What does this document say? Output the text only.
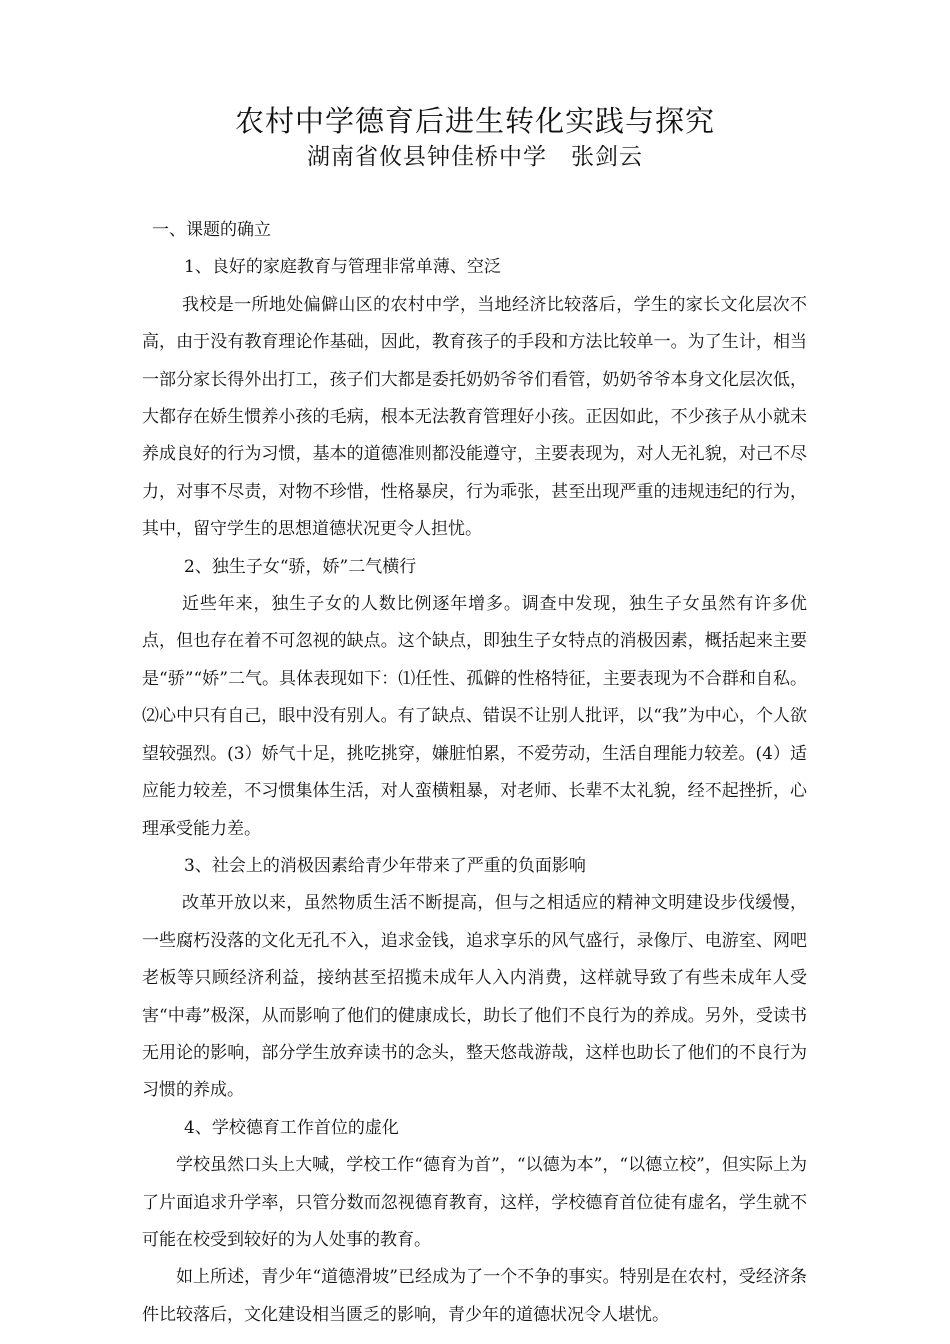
农村中学德育后进生转化实践与探究
湖南省攸县钟佳桥中学　张剑云

一、课题的确立

1、良好的家庭教育与管理非常单薄、空泛

我校是一所地处偏僻山区的农村中学，当地经济比较落后，学生的家长文化层次不高，由于没有教育理论作基础，因此，教育孩子的手段和方法比较单一。为了生计，相当一部分家长得外出打工，孩子们大都是委托奶奶爷爷们看管，奶奶爷爷本身文化层次低，大都存在娇生惯养小孩的毛病，根本无法教育管理好小孩。正因如此，不少孩子从小就未养成良好的行为习惯，基本的道德准则都没能遵守，主要表现为，对人无礼貌，对己不尽力，对事不尽责，对物不珍惜，性格暴戾，行为乖张，甚至出现严重的违规违纪的行为，其中，留守学生的思想道德状况更令人担忧。

2、独生子女“骄，娇”二气横行

近些年来，独生子女的人数比例逐年增多。调查中发现，独生子女虽然有许多优点，但也存在着不可忽视的缺点。这个缺点，即独生子女特点的消极因素，概括起来主要是“骄”“娇”二气。具体表现如下：⑴任性、孤僻的性格特征，主要表现为不合群和自私。⑵心中只有自己，眼中没有别人。有了缺点、错误不让别人批评，以“我”为中心，个人欲望较强烈。(3）娇气十足，挑吃挑穿，嫌脏怕累，不爱劳动，生活自理能力较差。(4）适应能力较差，不习惯集体生活，对人蛮横粗暴，对老师、长辈不太礼貌，经不起挫折，心理承受能力差。

3、社会上的消极因素给青少年带来了严重的负面影响

改革开放以来，虽然物质生活不断提高，但与之相适应的精神文明建设步伐缓慢，一些腐朽没落的文化无孔不入，追求金钱，追求享乐的风气盛行，录像厅、电游室、网吧老板等只顾经济利益，接纳甚至招揽未成年人入内消费，这样就导致了有些未成年人受害“中毒”极深，从而影响了他们的健康成长，助长了他们不良行为的养成。另外，受读书无用论的影响，部分学生放弃读书的念头，整天悠哉游哉，这样也助长了他们的不良行为习惯的养成。

4、学校德育工作首位的虚化

学校虽然口头上大喊，学校工作“德育为首”，“以德为本”，“以德立校”，但实际上为了片面追求升学率，只管分数而忽视德育教育，这样，学校德育首位徒有虚名，学生就不可能在校受到较好的为人处事的教育。

如上所述，青少年“道德滑坡”已经成为了一个不争的事实。特别是在农村，受经济条件比较落后，文化建设相当匮乏的影响，青少年的道德状况令人堪忧。
